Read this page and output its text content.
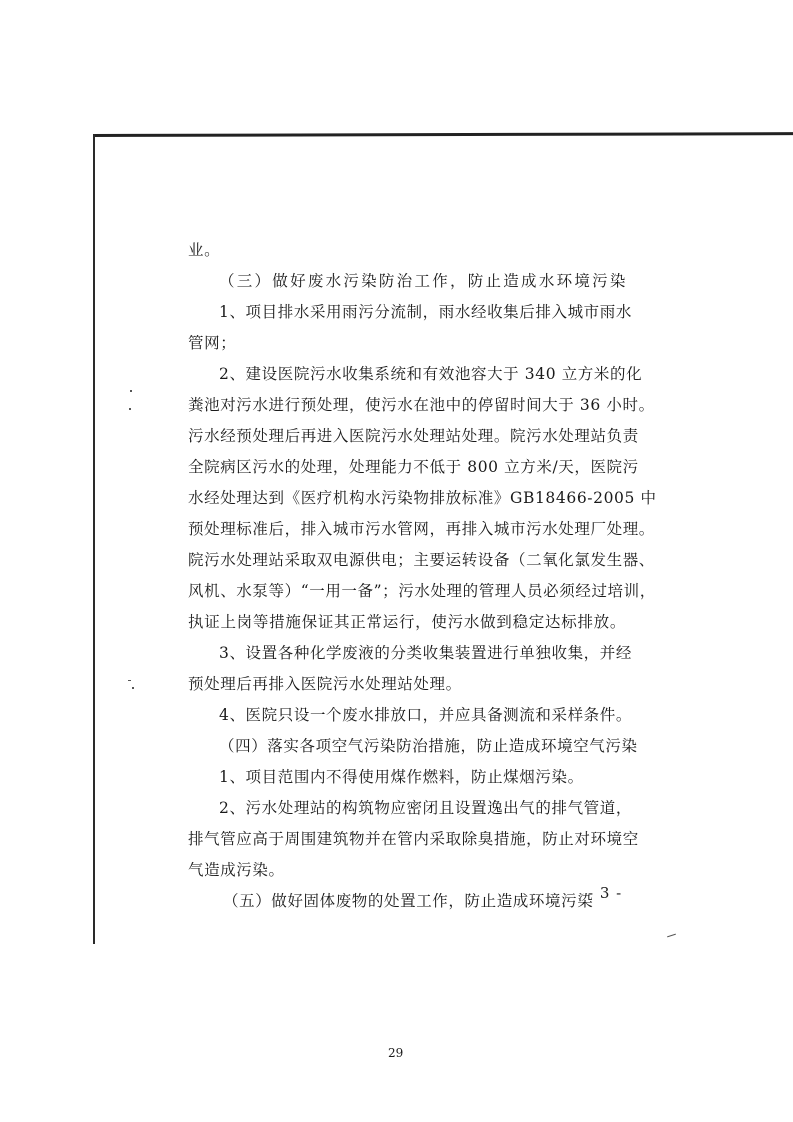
业。
（三）做好废水污染防治工作，防止造成水环境污染
1、项目排水采用雨污分流制，雨水经收集后排入城市雨水
管网；
2、建设医院污水收集系统和有效池容大于 340 立方米的化
粪池对污水进行预处理，使污水在池中的停留时间大于 36 小时。
污水经预处理后再进入医院污水处理站处理。院污水处理站负责
全院病区污水的处理，处理能力不低于 800 立方米/天，医院污
水经处理达到《医疗机构水污染物排放标准》GB18466-2005 中
预处理标准后，排入城市污水管网，再排入城市污水处理厂处理。
院污水处理站采取双电源供电；主要运转设备（二氧化氯发生器、
风机、水泵等）“一用一备”；污水处理的管理人员必须经过培训，
执证上岗等措施保证其正常运行，使污水做到稳定达标排放。
3、设置各种化学废液的分类收集装置进行单独收集，并经
预处理后再排入医院污水处理站处理。
4、医院只设一个废水排放口，并应具备测流和采样条件。
（四）落实各项空气污染防治措施，防止造成环境空气污染
1、项目范围内不得使用煤作燃料，防止煤烟污染。
2、污水处理站的构筑物应密闭且设置逸出气的排气管道，
排气管应高于周围建筑物并在管内采取除臭措施，防止对环境空
气造成污染。
（五）做好固体废物的处置工作，防止造成环境污染
- 3 -
29
